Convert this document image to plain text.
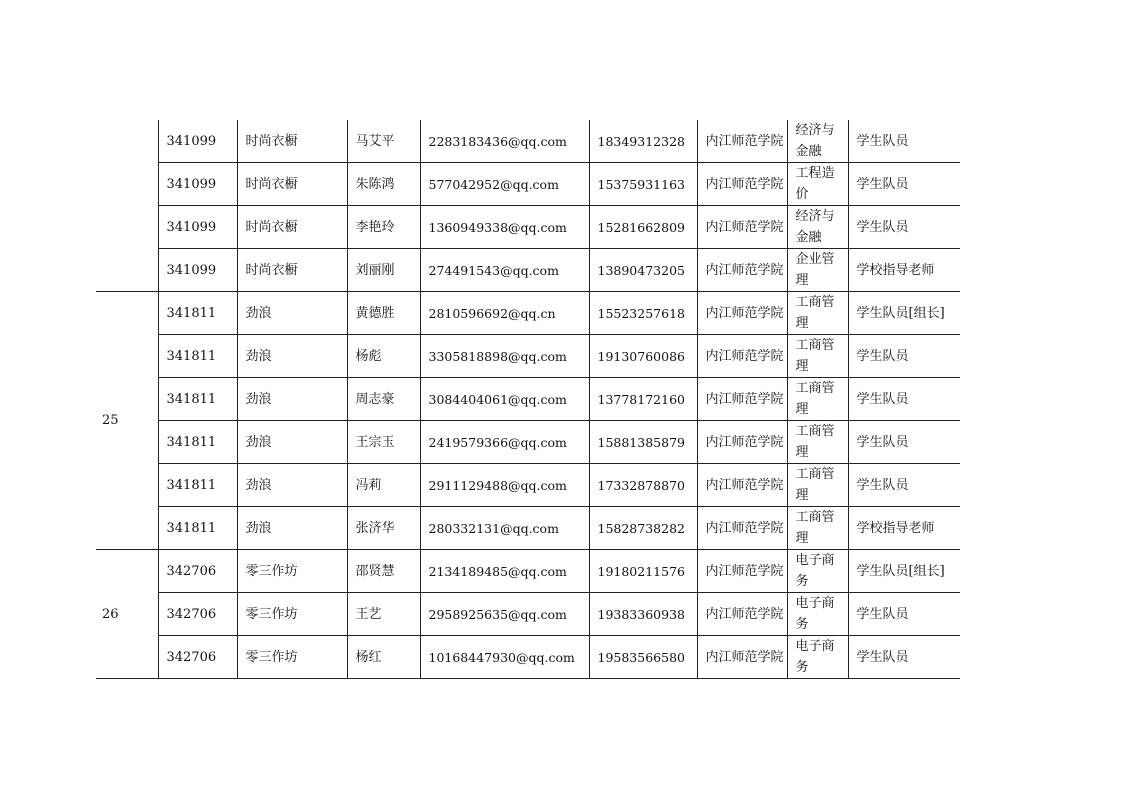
	341099	时尚衣橱	马艾平	2283183436@qq.com	18349312328	内江师范学院	经济与金融	学生队员
	341099	时尚衣橱	朱陈鸿	577042952@qq.com	15375931163	内江师范学院	工程造价	学生队员
	341099	时尚衣橱	李艳玲	1360949338@qq.com	15281662809	内江师范学院	经济与金融	学生队员
	341099	时尚衣橱	刘丽刚	274491543@qq.com	13890473205	内江师范学院	企业管理	学校指导老师
25	341811	劲浪	黄德胜	2810596692@qq.cn	15523257618	内江师范学院	工商管理	学生队员[组长]
	341811	劲浪	杨彪	3305818898@qq.com	19130760086	内江师范学院	工商管理	学生队员
	341811	劲浪	周志豪	3084404061@qq.com	13778172160	内江师范学院	工商管理	学生队员
	341811	劲浪	王宗玉	2419579366@qq.com	15881385879	内江师范学院	工商管理	学生队员
	341811	劲浪	冯莉	2911129488@qq.com	17332878870	内江师范学院	工商管理	学生队员
	341811	劲浪	张济华	280332131@qq.com	15828738282	内江师范学院	工商管理	学校指导老师
26	342706	零三作坊	邵贤慧	2134189485@qq.com	19180211576	内江师范学院	电子商务	学生队员[组长]
	342706	零三作坊	王艺	2958925635@qq.com	19383360938	内江师范学院	电子商务	学生队员
	342706	零三作坊	杨红	10168447930@qq.com	19583566580	内江师范学院	电子商务	学生队员
